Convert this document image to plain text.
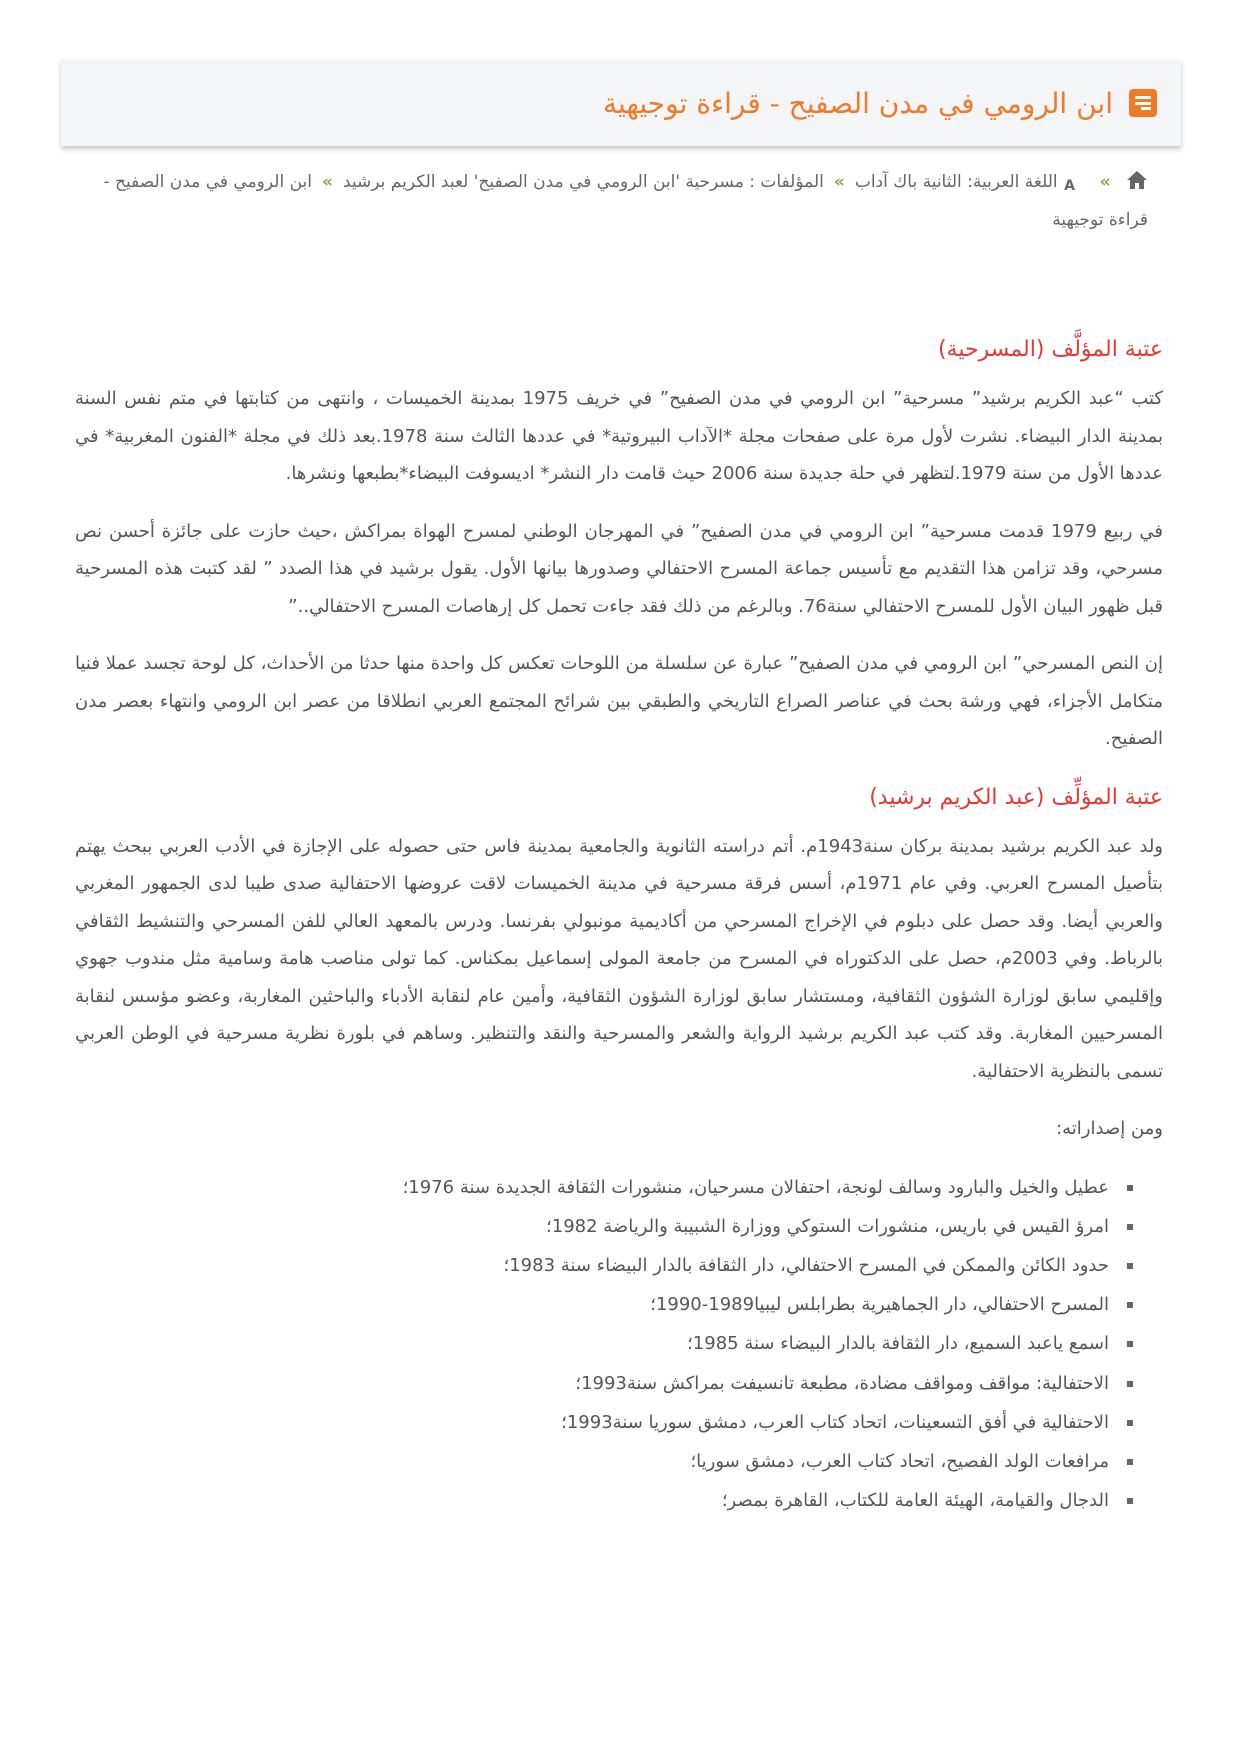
ابن الرومي في مدن الصفيح - قراءة توجيهية
»
A
اللغة العربية: الثانية باك آداب»المؤلفات : مسرحية 'ابن الرومي في مدن الصفيح' لعبد الكريم برشيد»ابن الرومي في مدن الصفيح - قراءة توجيهية
عتبة المؤلَّف (المسرحية)

كتب “عبد الكريم برشيد” مسرحية” ابن الرومي في مدن الصفيح” في خريف 1975 بمدينة الخميسات ، وانتهى من كتابتها في متم نفس السنة بمدينة الدار البيضاء. نشرت لأول مرة على صفحات مجلة *الآداب البيروتية* في عددها الثالث سنة 1978.بعد ذلك في مجلة *الفنون المغربية* في عددها الأول من سنة 1979.لتظهر في حلة جديدة سنة 2006 حيث قامت دار النشر* اديسوفت البيضاء*بطبعها ونشرها.

في ربيع 1979 قدمت مسرحية” ابن الرومي في مدن الصفيح” في المهرجان الوطني لمسرح الهواة بمراكش ،حيث حازت على جائزة أحسن نص مسرحي، وقد تزامن هذا التقديم مع تأسيس جماعة المسرح الاحتفالي وصدورها بيانها الأول. يقول برشيد في هذا الصدد ” لقد كتبت هذه المسرحية قبل ظهور البيان الأول للمسرح الاحتفالي سنة76. وبالرغم من ذلك فقد جاءت تحمل كل إرهاصات المسرح الاحتفالي..”

إن النص المسرحي” ابن الرومي في مدن الصفيح” عبارة عن سلسلة من اللوحات تعكس كل واحدة منها حدثا من الأحداث، كل لوحة تجسد عملا فنيا متكامل الأجزاء، فهي ورشة بحث في عناصر الصراع التاريخي والطبقي بين شرائح المجتمع العربي انطلاقا من عصر ابن الرومي وانتهاء بعصر مدن الصفيح.

عتبة المؤلِّف (عبد الكريم برشيد)

ولد عبد الكريم برشيد بمدينة بركان سنة1943م. أتم دراسته الثانوية والجامعية بمدينة فاس حتى حصوله على الإجازة في الأدب العربي ببحث يهتم بتأصيل المسرح العربي. وفي عام 1971م، أسس فرقة مسرحية في مدينة الخميسات لاقت عروضها الاحتفالية صدى طيبا لدى الجمهور المغربي والعربي أيضا. وقد حصل على دبلوم في الإخراج المسرحي من أكاديمية مونبولي بفرنسا. ودرس بالمعهد العالي للفن المسرحي والتنشيط الثقافي بالرباط. وفي 2003م، حصل على الدكتوراه في المسرح من جامعة المولى إسماعيل بمكناس. كما تولى مناصب هامة وسامية مثل مندوب جهوي وإقليمي سابق لوزارة الشؤون الثقافية، ومستشار سابق لوزارة الشؤون الثقافية، وأمين عام لنقابة الأدباء والباحثين المغاربة، وعضو مؤسس لنقابة المسرحيين المغاربة. وقد كتب عبد الكريم برشيد الرواية والشعر والمسرحية والنقد والتنظير. وساهم في بلورة نظرية مسرحية في الوطن العربي تسمى بالنظرية الاحتفالية.

ومن إصداراته:

عطيل والخيل والبارود وسالف لونجة، احتفالان مسرحيان، منشورات الثقافة الجديدة سنة 1976؛
امرؤ القيس في باريس، منشورات الستوكي ووزارة الشبيبة والرياضة 1982؛
حدود الكائن والممكن في المسرح الاحتفالي، دار الثقافة بالدار البيضاء سنة 1983؛
المسرح الاحتفالي، دار الجماهيرية بطرابلس ليبيا1989-1990؛
اسمع ياعبد السميع، دار الثقافة بالدار البيضاء سنة 1985؛
الاحتفالية: مواقف ومواقف مضادة، مطبعة تانسيفت بمراكش سنة1993؛
الاحتفالية في أفق التسعينات، اتحاد كتاب العرب، دمشق سوريا سنة1993؛
مرافعات الولد الفصيح، اتحاد كتاب العرب، دمشق سوريا؛
الدجال والقيامة، الهيئة العامة للكتاب، القاهرة بمصر؛
